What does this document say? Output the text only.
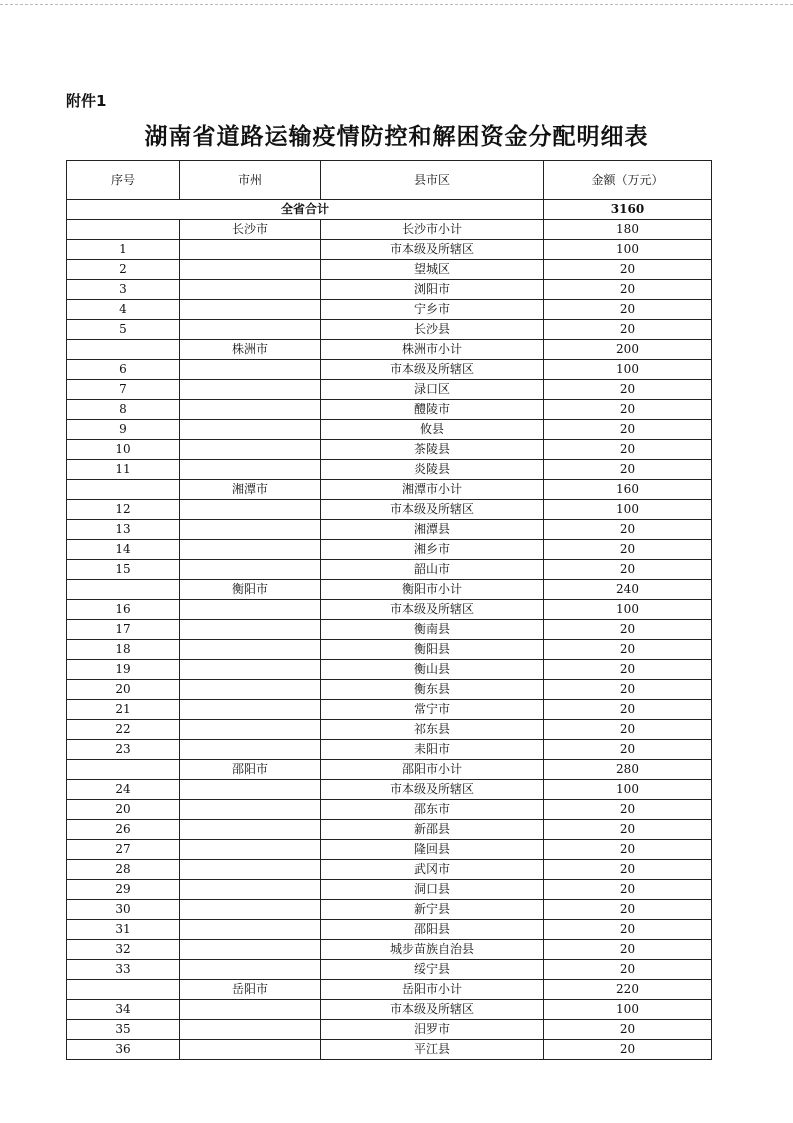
附件1
湖南省道路运输疫情防控和解困资金分配明细表
序号	市州	县市区	金额（万元）
全省合计			3160
	长沙市	长沙市小计	180
1		市本级及所辖区	100
2		望城区	20
3		浏阳市	20
4		宁乡市	20
5		长沙县	20
	株洲市	株洲市小计	200
6		市本级及所辖区	100
7		渌口区	20
8		醴陵市	20
9		攸县	20
10		茶陵县	20
11		炎陵县	20
	湘潭市	湘潭市小计	160
12		市本级及所辖区	100
13		湘潭县	20
14		湘乡市	20
15		韶山市	20
	衡阳市	衡阳市小计	240
16		市本级及所辖区	100
17		衡南县	20
18		衡阳县	20
19		衡山县	20
20		衡东县	20
21		常宁市	20
22		祁东县	20
23		耒阳市	20
	邵阳市	邵阳市小计	280
24		市本级及所辖区	100
20		邵东市	20
26		新邵县	20
27		隆回县	20
28		武冈市	20
29		洞口县	20
30		新宁县	20
31		邵阳县	20
32		城步苗族自治县	20
33		绥宁县	20
	岳阳市	岳阳市小计	220
34		市本级及所辖区	100
35		汨罗市	20
36		平江县	20
